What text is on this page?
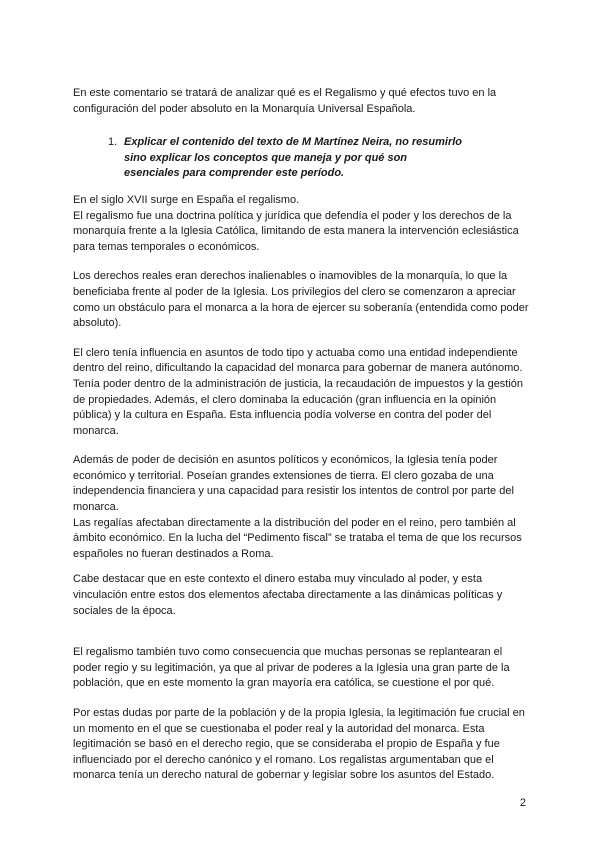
En este comentario se tratará de analizar qué es el Regalismo y qué efectos tuvo en la configuración del poder absoluto en la Monarquía Universal Española.

1. Explicar el contenido del texto de M Martínez Neira, no resumirlo sino explicar los conceptos que maneja y por qué son esenciales para comprender este período.

En el siglo XVII surge en España el regalismo.

El regalismo fue una doctrina política y jurídica que defendía el poder y los derechos de la monarquía frente a la Iglesia Católica, limitando de esta manera la intervención eclesiástica para temas temporales o económicos.

Los derechos reales eran derechos inalienables o inamovibles de la monarquía, lo que la beneficiaba frente al poder de la Iglesia. Los privilegios del clero se comenzaron a apreciar como un obstáculo para el monarca a la hora de ejercer su soberanía (entendida como poder absoluto).

El clero tenía influencia en asuntos de todo tipo y actuaba como una entidad independiente dentro del reino, dificultando la capacidad del monarca para gobernar de manera autónomo. Tenía poder dentro de la administración de justicia, la recaudación de impuestos y la gestión de propiedades. Además, el clero dominaba la educación (gran influencia en la opinión pública) y la cultura en España. Esta influencia podía volverse en contra del poder del monarca.

Además de poder de decisión en asuntos políticos y económicos, la Iglesia tenía poder económico y territorial. Poseían grandes extensiones de tierra. El clero gozaba de una independencia financiera y una capacidad para resistir los intentos de control por parte del monarca.

Las regalías afectaban directamente a la distribución del poder en el reino, pero también al ámbito económico. En la lucha del “Pedimento fiscal” se trataba el tema de que los recursos españoles no fueran destinados a Roma.

Cabe destacar que en este contexto el dinero estaba muy vinculado al poder, y esta vinculación entre estos dos elementos afectaba directamente a las dinámicas políticas y sociales de la época.

El regalismo también tuvo como consecuencia que muchas personas se replantearan el poder regio y su legitimación, ya que al privar de poderes a la Iglesia una gran parte de la población, que en este momento la gran mayoría era católica, se cuestione el por qué.

Por estas dudas por parte de la población y de la propia Iglesia, la legitimación fue crucial en un momento en el que se cuestionaba el poder real y la autoridad del monarca. Esta legitimación se basó en el derecho regio, que se consideraba el propio de España y fue influenciado por el derecho canónico y el romano. Los regalistas argumentaban que el monarca tenía un derecho natural de gobernar y legislar sobre los asuntos del Estado.

2
